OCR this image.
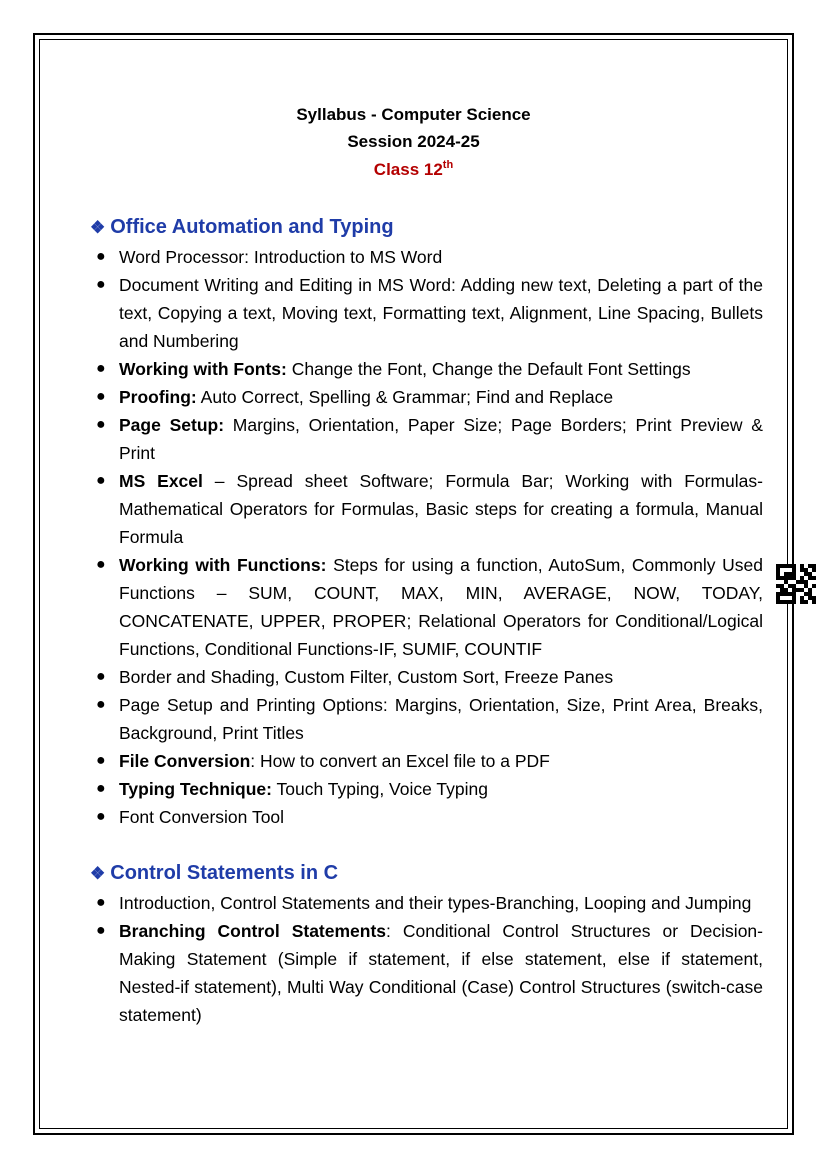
Syllabus - Computer Science
Session 2024-25
Class 12th
❖ Office Automation and Typing
● Word Processor: Introduction to MS Word
● Document Writing and Editing in MS Word: Adding new text, Deleting a part of the text, Copying a text, Moving text, Formatting text, Alignment, Line Spacing, Bullets and Numbering
● Working with Fonts: Change the Font, Change the Default Font Settings
● Proofing: Auto Correct, Spelling & Grammar; Find and Replace
● Page Setup: Margins, Orientation, Paper Size; Page Borders; Print Preview & Print
● MS Excel – Spread sheet Software; Formula Bar; Working with Formulas-Mathematical Operators for Formulas, Basic steps for creating a formula, Manual Formula
● Working with Functions: Steps for using a function, AutoSum, Commonly Used Functions – SUM, COUNT, MAX, MIN, AVERAGE, NOW, TODAY, CONCATENATE, UPPER, PROPER; Relational Operators for Conditional/Logical Functions, Conditional Functions-IF, SUMIF, COUNTIF
● Border and Shading, Custom Filter, Custom Sort, Freeze Panes
● Page Setup and Printing Options: Margins, Orientation, Size, Print Area, Breaks, Background, Print Titles
● File Conversion: How to convert an Excel file to a PDF
● Typing Technique: Touch Typing, Voice Typing
● Font Conversion Tool
❖ Control Statements in C
● Introduction, Control Statements and their types-Branching, Looping and Jumping
● Branching Control Statements: Conditional Control Structures or Decision-Making Statement (Simple if statement, if else statement, else if statement, Nested-if statement), Multi Way Conditional (Case) Control Structures (switch-case statement)
